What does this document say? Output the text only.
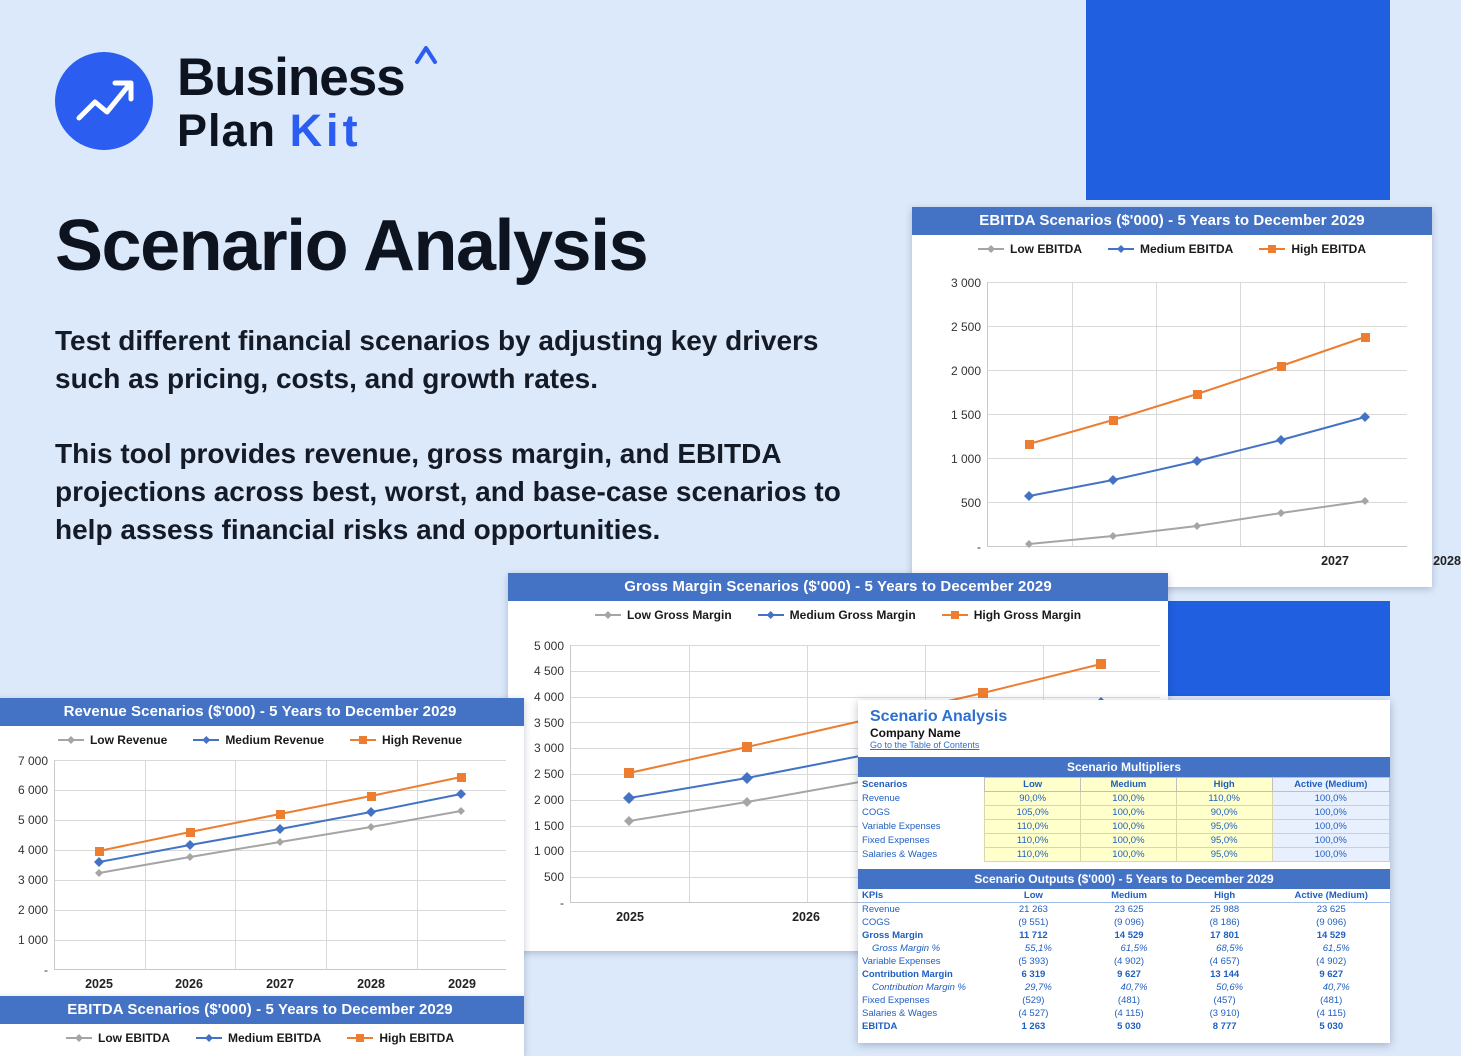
Business
Plan Kit
Scenario Analysis
Test different financial scenarios by adjusting key drivers such as pricing, costs, and growth rates.
This tool provides revenue, gross margin, and EBITDA projections across best, worst, and base-case scenarios to help assess financial risks and opportunities.
EBITDA Scenarios ($'000) - 5 Years to December 2029
Low EBITDA	Medium EBITDA	High EBITDA
-
500
1 000
1 500
2 000
2 500
3 000
2027	2028
Gross Margin Scenarios ($'000) - 5 Years to December 2029
Low Gross Margin	Medium Gross Margin	High Gross Margin
-
500
1 000
1 500
2 000
2 500
3 000
3 500
4 000
4 500
5 000
2025	2026
Revenue Scenarios ($'000) - 5 Years to December 2029
Low Revenue	Medium Revenue	High Revenue
-
1 000
2 000
3 000
4 000
5 000
6 000
7 000
2025	2026	2027	2028	2029
EBITDA Scenarios ($'000) - 5 Years to December 2029
Low EBITDA	Medium EBITDA	High EBITDA
Scenario Analysis
Company Name
Go to the Table of Contents
Scenario Multipliers
Scenarios	Low	Medium	High	Active (Medium)
Revenue	90,0%	100,0%	110,0%	100,0%
COGS	105,0%	100,0%	90,0%	100,0%
Variable Expenses	110,0%	100,0%	95,0%	100,0%
Fixed Expenses	110,0%	100,0%	95,0%	100,0%
Salaries & Wages	110,0%	100,0%	95,0%	100,0%
Scenario Outputs ($'000) - 5 Years to December 2029
KPIs	Low	Medium	High	Active (Medium)
Revenue	21 263	23 625	25 988	23 625
COGS	(9 551)	(9 096)	(8 186)	(9 096)
Gross Margin	11 712	14 529	17 801	14 529
Gross Margin %	55,1%	61,5%	68,5%	61,5%
Variable Expenses	(5 393)	(4 902)	(4 657)	(4 902)
Contribution Margin	6 319	9 627	13 144	9 627
Contribution Margin %	29,7%	40,7%	50,6%	40,7%
Fixed Expenses	(529)	(481)	(457)	(481)
Salaries & Wages	(4 527)	(4 115)	(3 910)	(4 115)
EBITDA	1 263	5 030	8 777	5 030
